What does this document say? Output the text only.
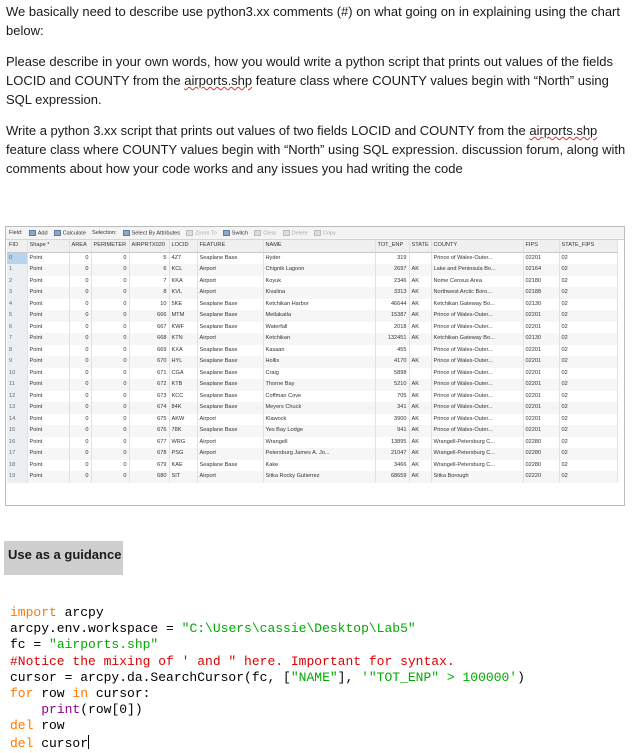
We basically need to describe use python3.xx comments (#) on what going on in explaining using the chart below:
Please describe in your own words, how you would write a python script that prints out values of the fields LOCID and COUNTY from the airports.shp feature class where COUNTY values begin with “North” using SQL expression.
Write a python 3.xx script that prints out values of two fields LOCID and COUNTY from the airports.shp feature class where COUNTY values begin with “North” using SQL expression. discussion forum, along with comments about how your code works and any issues you had writing the code
Field:	Add	Calculate Selection:	Select By Attributes	Zoom To	Switch	Clear	Delete	Copy
FID	Shape *	AREA	PERIMETER	AIRPRTX020	LOCID	FEATURE	NAME	TOT_ENP	STATE	COUNTY	FIPS	STATE_FIPS
0	Point	0	0	5	4Z7	Seaplane Base	Hyder	319		Prince of Wales-Outer...	02201	02
1	Point	0	0	6	KCL	Airport	Chignik Lagoon	2697	AK	Lake and Peninsula Bo...	02164	02
2	Point	0	0	7	KKA	Airport	Koyuk	2346	AK	Nome Census Area	02180	02
3	Point	0	0	8	KVL	Airport	Kivalina	3313	AK	Northwest Arctic Boro...	02188	02
4	Point	0	0	10	5KE	Seaplane Base	Ketchikan Harbor	46644	AK	Ketchikan Gateway Bo...	02130	02
5	Point	0	0	666	MTM	Seaplane Base	Metlakatla	15387	AK	Prince of Wales-Outer...	02201	02
6	Point	0	0	667	KWF	Seaplane Base	Waterfall	2018	AK	Prince of Wales-Outer...	02201	02
7	Point	0	0	668	KTN	Airport	Ketchikan	132451	AK	Ketchikan Gateway Bo...	02130	02
8	Point	0	0	669	KXA	Seaplane Base	Kasaan	455		Prince of Wales-Outer...	02201	02
9	Point	0	0	670	HYL	Seaplane Base	Hollis	4170	AK	Prince of Wales-Outer...	02201	02
10	Point	0	0	671	CGA	Seaplane Base	Craig	5898		Prince of Wales-Outer...	02201	02
11	Point	0	0	672	KTB	Seaplane Base	Thorne Bay	5210	AK	Prince of Wales-Outer...	02201	02
12	Point	0	0	673	KCC	Seaplane Base	Coffman Cove	705	AK	Prince of Wales-Outer...	02201	02
13	Point	0	0	674	84K	Seaplane Base	Meyers Chuck	341	AK	Prince of Wales-Outer...	02201	02
14	Point	0	0	675	AKW	Airport	Klawock	3900	AK	Prince of Wales-Outer...	02201	02
15	Point	0	0	676	78K	Seaplane Base	Yes Bay Lodge	941	AK	Prince of Wales-Outer...	02201	02
16	Point	0	0	677	WRG	Airport	Wrangell	13895	AK	Wrangell-Petersburg C...	02280	02
17	Point	0	0	678	PSG	Airport	Petersburg James A. Jo...	21047	AK	Wrangell-Petersburg C...	02280	02
18	Point	0	0	679	KAE	Seaplane Base	Kake	3466	AK	Wrangell-Petersburg C...	02280	02
19	Point	0	0	680	SIT	Airport	Sitka Rocky Gutierrez	68659	AK	Sitka Borough	02220	02
Use as a guidance
import arcpy
arcpy.env.workspace = "C:\Users\cassie\Desktop\Lab5"
fc = "airports.shp"
#Notice the mixing of ' and " here. Important for syntax.
cursor = arcpy.da.SearchCursor(fc, ["NAME"], '"TOT_ENP" > 100000')
for row in cursor:
print(row[0])
del row
del cursor
